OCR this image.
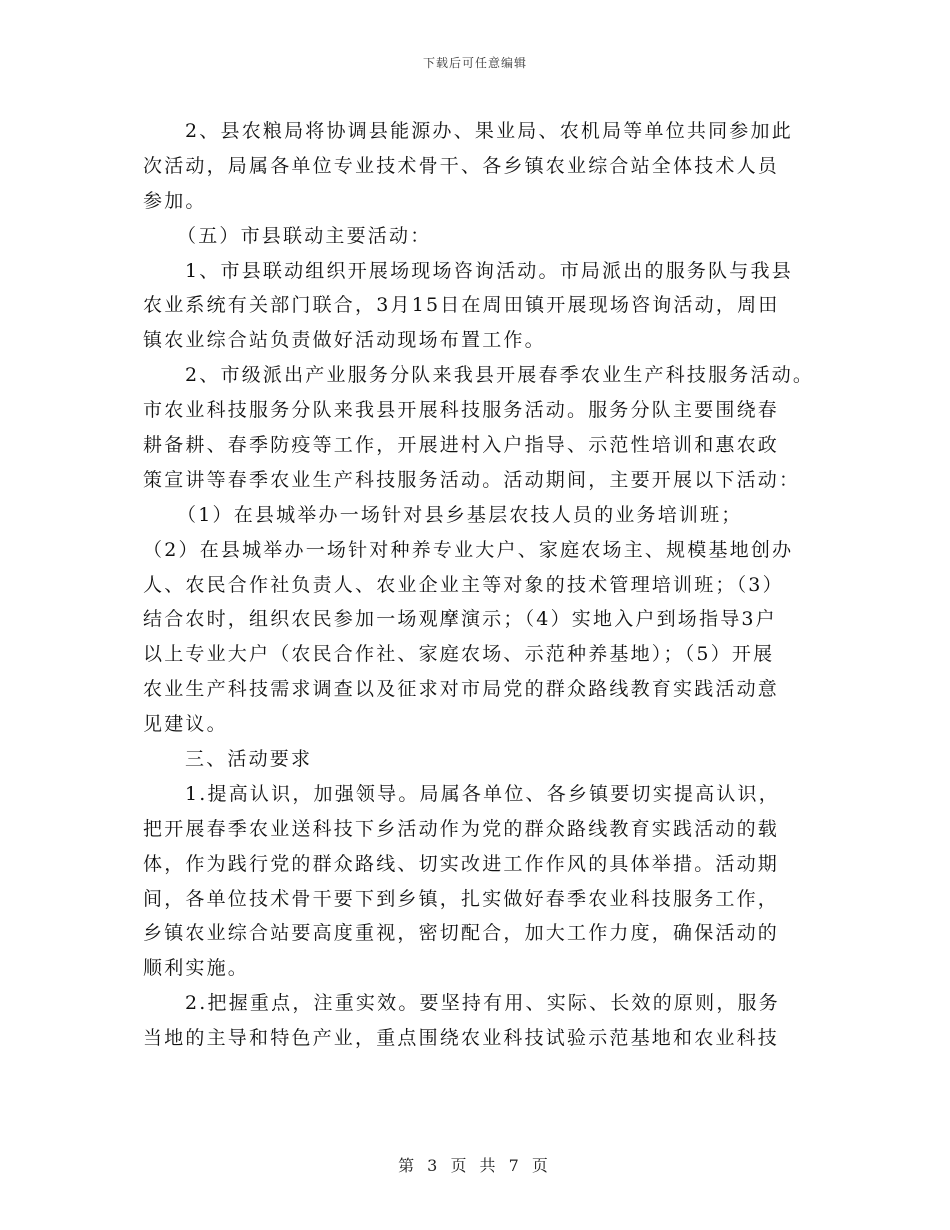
下载后可任意编辑
2、县农粮局将协调县能源办、果业局、农机局等单位共同参加此
次活动，局属各单位专业技术骨干、各乡镇农业综合站全体技术人员
参加。
（五）市县联动主要活动：
1、市县联动组织开展场现场咨询活动。市局派出的服务队与我县
农业系统有关部门联合，3月15日在周田镇开展现场咨询活动，周田
镇农业综合站负责做好活动现场布置工作。
2、市级派出产业服务分队来我县开展春季农业生产科技服务活动。
市农业科技服务分队来我县开展科技服务活动。服务分队主要围绕春
耕备耕、春季防疫等工作，开展进村入户指导、示范性培训和惠农政
策宣讲等春季农业生产科技服务活动。活动期间，主要开展以下活动：
（1）在县城举办一场针对县乡基层农技人员的业务培训班；
（2）在县城举办一场针对种养专业大户、家庭农场主、规模基地创办
人、农民合作社负责人、农业企业主等对象的技术管理培训班；（3）
结合农时，组织农民参加一场观摩演示；（4）实地入户到场指导3户
以上专业大户（农民合作社、家庭农场、示范种养基地）；（5）开展
农业生产科技需求调查以及征求对市局党的群众路线教育实践活动意
见建议。
三、活动要求
1.提高认识，加强领导。局属各单位、各乡镇要切实提高认识，
把开展春季农业送科技下乡活动作为党的群众路线教育实践活动的载
体，作为践行党的群众路线、切实改进工作作风的具体举措。活动期
间，各单位技术骨干要下到乡镇，扎实做好春季农业科技服务工作，
乡镇农业综合站要高度重视，密切配合，加大工作力度，确保活动的
顺利实施。
2.把握重点，注重实效。要坚持有用、实际、长效的原则，服务
当地的主导和特色产业，重点围绕农业科技试验示范基地和农业科技
第 3 页 共 7 页
